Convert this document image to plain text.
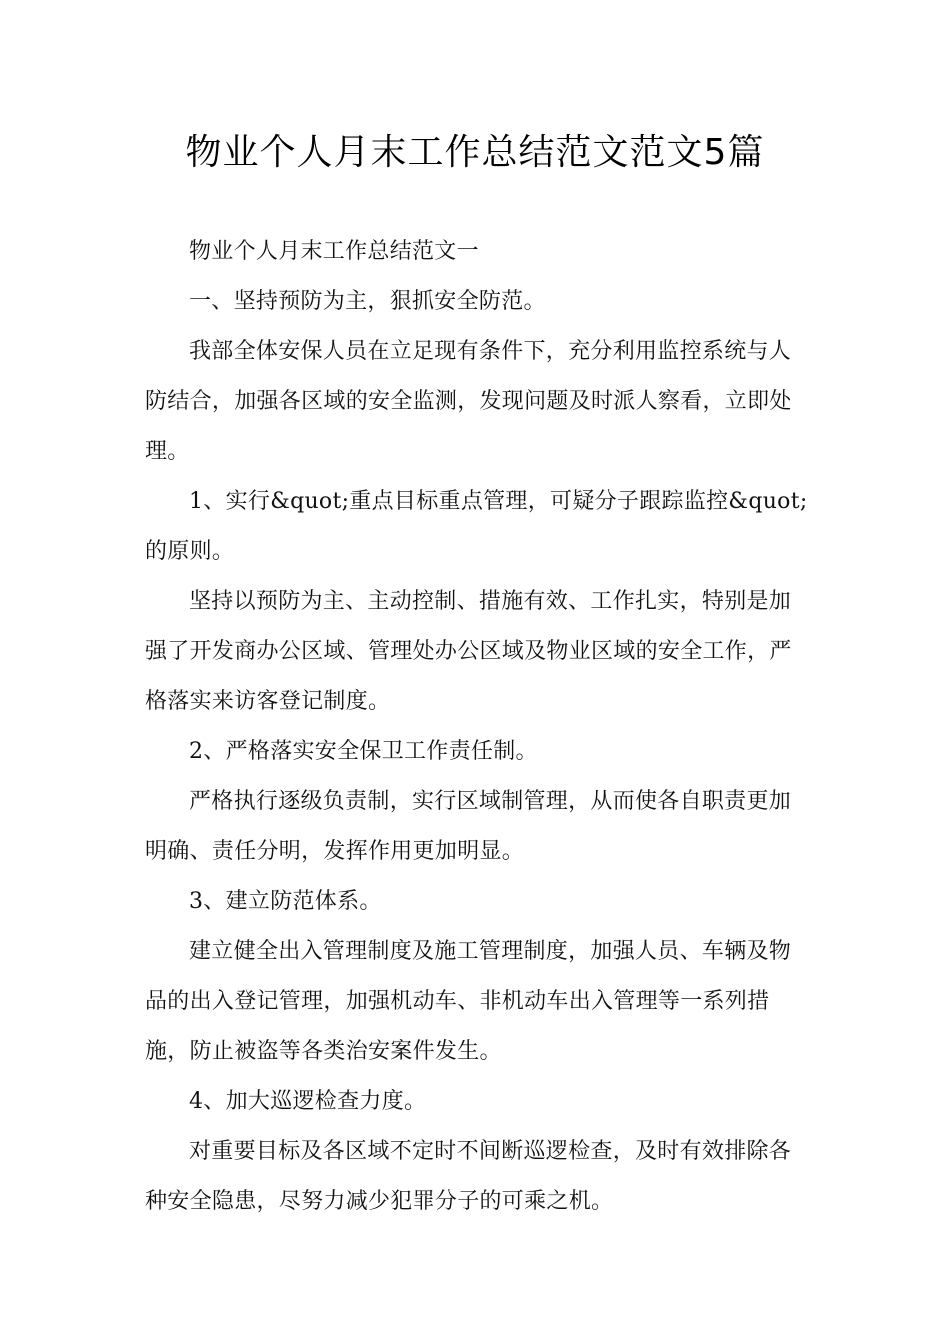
物业个人月末工作总结范文范文5篇

物业个人月末工作总结范文一

一、坚持预防为主，狠抓安全防范。

我部全体安保人员在立足现有条件下，充分利用监控系统与人防结合，加强各区域的安全监测，发现问题及时派人察看，立即处理。

1、实行&quot;重点目标重点管理，可疑分子跟踪监控&quot;的原则。

坚持以预防为主、主动控制、措施有效、工作扎实，特别是加强了开发商办公区域、管理处办公区域及物业区域的安全工作，严格落实来访客登记制度。

2、严格落实安全保卫工作责任制。

严格执行逐级负责制，实行区域制管理，从而使各自职责更加明确、责任分明，发挥作用更加明显。

3、建立防范体系。

建立健全出入管理制度及施工管理制度，加强人员、车辆及物品的出入登记管理，加强机动车、非机动车出入管理等一系列措施，防止被盗等各类治安案件发生。

4、加大巡逻检查力度。

对重要目标及各区域不定时不间断巡逻检查，及时有效排除各种安全隐患，尽努力减少犯罪分子的可乘之机。
